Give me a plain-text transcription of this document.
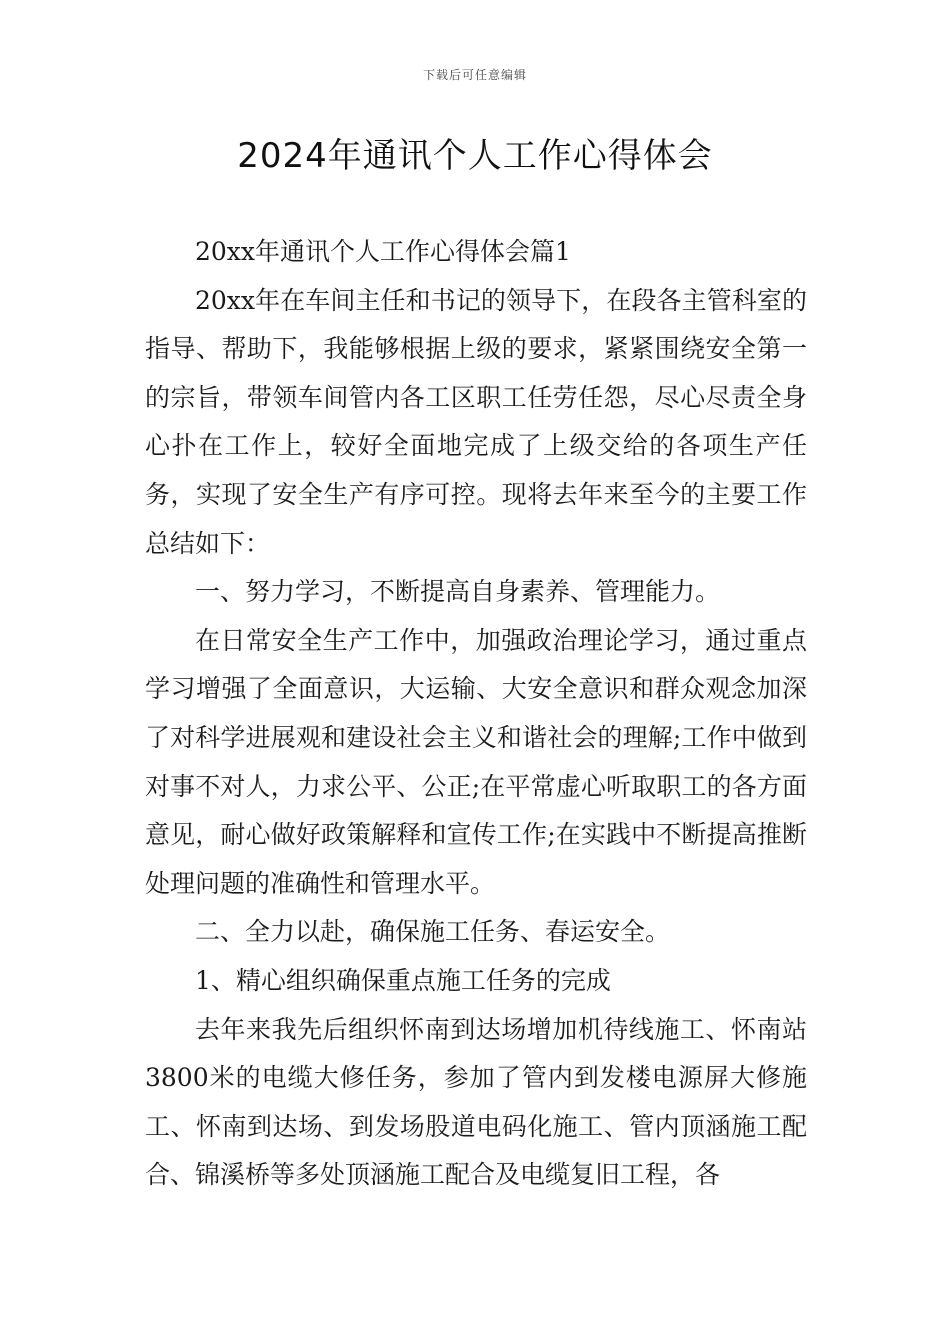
下载后可任意编辑
2024年通讯个人工作心得体会

20xx年通讯个人工作心得体会篇1

20xx年在车间主任和书记的领导下，在段各主管科室的指导、帮助下，我能够根据上级的要求，紧紧围绕安全第一的宗旨，带领车间管内各工区职工任劳任怨，尽心尽责全身心扑在工作上，较好全面地完成了上级交给的各项生产任务，实现了安全生产有序可控。现将去年来至今的主要工作总结如下：

一、努力学习，不断提高自身素养、管理能力。

在日常安全生产工作中，加强政治理论学习，通过重点学习增强了全面意识，大运输、大安全意识和群众观念加深了对科学进展观和建设社会主义和谐社会的理解;工作中做到对事不对人，力求公平、公正;在平常虚心听取职工的各方面意见，耐心做好政策解释和宣传工作;在实践中不断提高推断处理问题的准确性和管理水平。

二、全力以赴，确保施工任务、春运安全。

1、精心组织确保重点施工任务的完成

去年来我先后组织怀南到达场增加机待线施工、怀南站3800米的电缆大修任务，参加了管内到发楼电源屏大修施工、怀南到达场、到发场股道电码化施工、管内顶涵施工配合、锦溪桥等多处顶涵施工配合及电缆复旧工程，各
